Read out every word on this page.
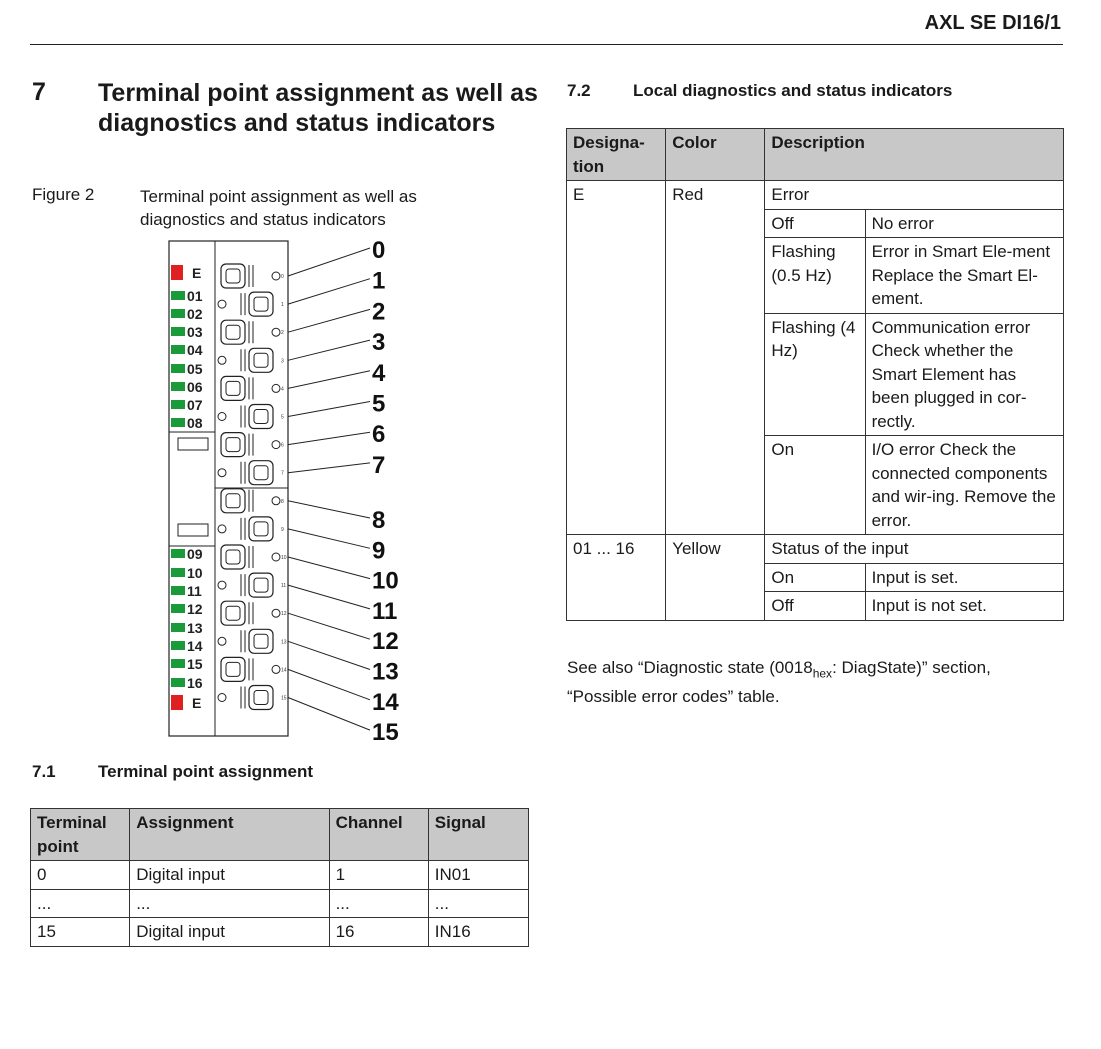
AXL SE DI16/1
7 Terminal point assignment as well as diagnostics and status indicators
Figure 2	Terminal point assignment as well as diagnostics and status indicators
E
01
02
03
04
05
06
07
08
09
10
11
12
13
14
15
16
E
0
0
1
1
2
2
3
3
4
4
5	5
6	6
7	7
8
8
9
9
10
10
11
11
12
12
13
13
14
14
15
15
7.1 Terminal point assignment
Terminal point	Assignment	Channel	Signal
0	Digital input	1	IN01
...	...	...	...
15	Digital input	16	IN16
7.2 Local diagnostics and status indicators
Designa-tion	Color	Description	
E	Red	Error	
		Off	No error
		Flashing (0.5 Hz)	Error in Smart Ele-ment Replace the Smart El-ement.
		Flashing (4 Hz)	Communication error Check whether the Smart Element has been plugged in cor-rectly.
		On	I/O error Check the connected components and wir-ing. Remove the error.
01 ... 16	Yellow	Status of the input	
		On	Input is set.
		Off	Input is not set.
See also “Diagnostic state ($0018_{hex}$: DiagState)” section, “Possible error codes” table.
